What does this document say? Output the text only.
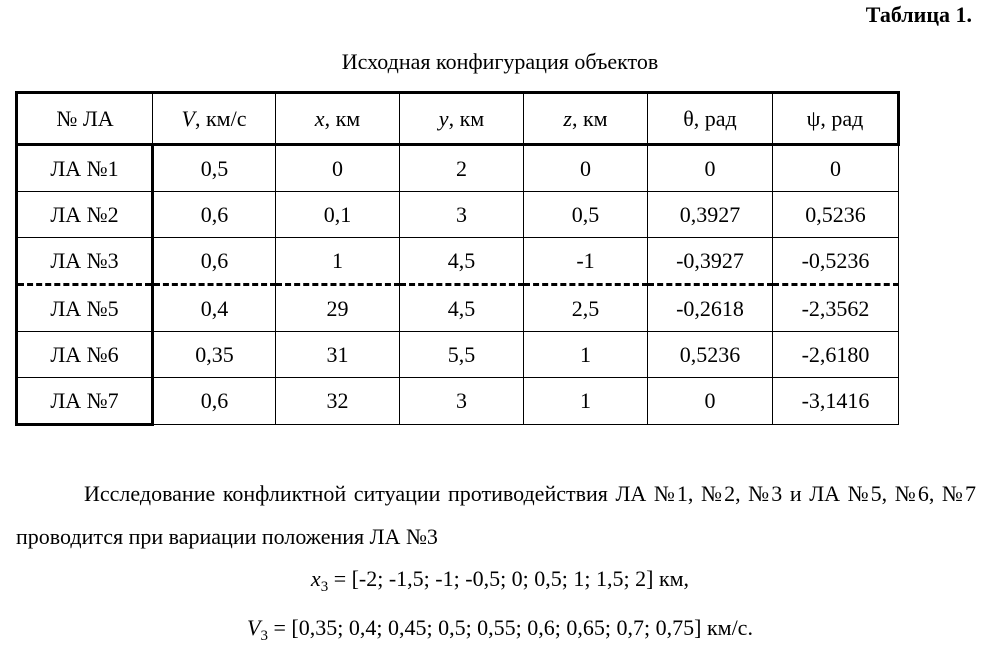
Таблица 1.
Исходная конфигурация объектов
№ ЛА	V, км/с	x, км	y, км	z, км	θ, рад	ψ, рад
ЛА №1	0,5	0	2	0	0	0
ЛА №2	0,6	0,1	3	0,5	0,3927	0,5236
ЛА №3	0,6	1	4,5	-1	-0,3927	-0,5236
ЛА №5	0,4	29	4,5	2,5	-0,2618	-2,3562
ЛА №6	0,35	31	5,5	1	0,5236	-2,6180
ЛА №7	0,6	32	3	1	0	-3,1416
Исследование конфликтной ситуации противодействия ЛА №1, №2, №3 и ЛА №5, №6, №7 проводится при вариации положения ЛА №3
$x_3 = [-2$; -1,5; -1; -0,5; 0; 0,5; 1; 1,5; 2] км,
$V_3 = [0,35$; 0,4; 0,45; 0,5; 0,55; 0,6; 0,65; 0,7; 0,75] км/с.
